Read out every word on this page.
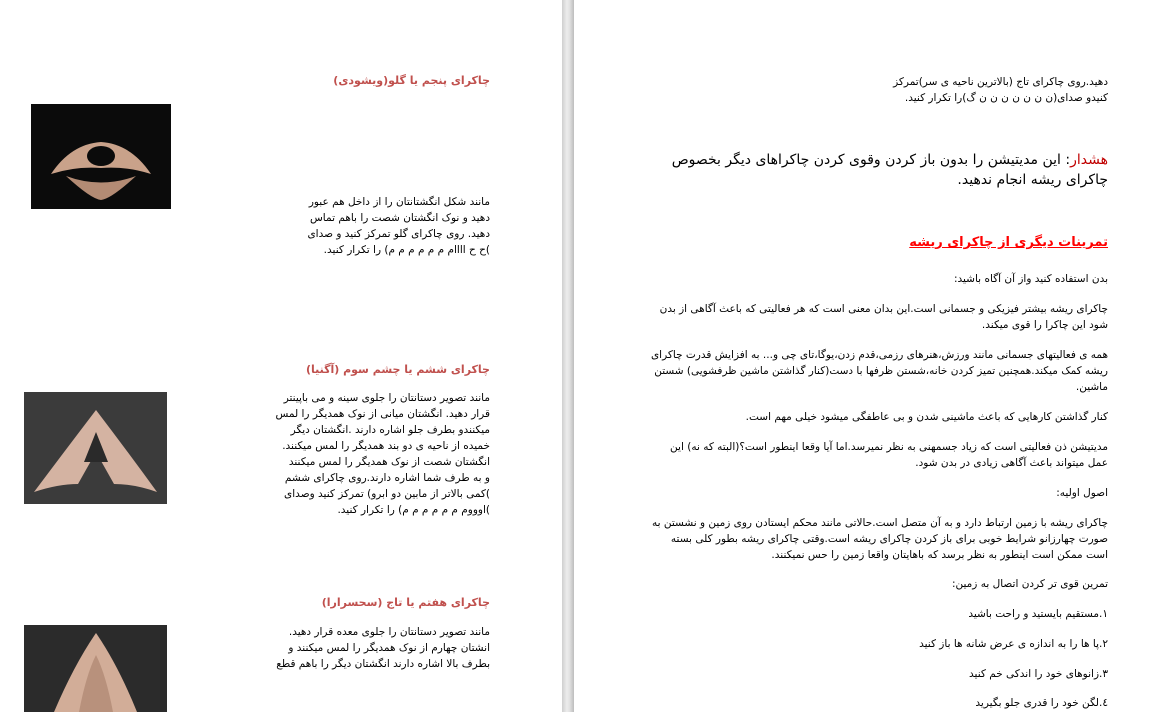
چاکرای پنجم یا گلو(ویشودی)
مانند شکل انگشتانتان را از داخل هم عبور
دهید و نوک انگشتان شصت را باهم تماس
دهید. روی چاکرای گلو تمرکز کنید و صدای
)ح ح اااام م م م م م م) را تکرار کنید.
چاکرای ششم یا چشم سوم (آگنیا)
مانند تصویر دستانتان را جلوی سینه و می باپینتر
قرار دهید. انگشتان میانی از نوک همدیگر را لمس
میکنندو بطرف جلو اشاره دارند .انگشتان دیگر
خمیده از ناحیه ی دو بند همدیگر را لمس میکنند.
انگشتان شصت از نوک همدیگر را لمس میکنند
و به طرف شما اشاره دارند.روی چاکرای ششم
)کمی بالاتر از مابین دو ابرو) تمرکز کنید وصدای
)اوووم م م م م م م) را تکرار کنید.
چاکرای هفتم یا تاج (سحسرارا)
مانند تصویر دستانتان را جلوی معده قرار دهید.
انشتان چهارم از نوک همدیگر را لمس میکنند و
بطرف بالا اشاره دارند انگشتان دیگر را باهم قطع
دهید.روی چاکرای تاج (بالاترین ناحیه ی سر)تمرکز
کنیدو صدای(ن ن ن ن ن ن ن گ)را تکرار کنید.
هشدار: این مدیتیشن را بدون باز کردن وقوی کردن چاکراهای دیگر بخصوص چاکرای ریشه انجام ندهید.
تمرینات دیگری از چاکرای ریشه
بدن استفاده کنید واز آن آگاه باشید:
چاکرای ریشه بیشتر فیزیکی و جسمانی است.این بدان معنی است که هر فعالیتی که باعث آگاهی از بدن شود این چاکرا را قوی میکند.
همه ی فعالیتهای جسمانی مانند ورزش،هنرهای رزمی،قدم زدن،یوگا،تای چی و... به افزایش قدرت چاکرای ریشه کمک میکند.همچنین تمیز کردن خانه،شستن ظرفها با دست(کنار گذاشتن ماشین ظرفشویی) شستن ماشین.
کنار گذاشتن کارهایی که باعث ماشینی شدن و بی عاطفگی میشود خیلی مهم است.
مدیتیشن ذن فعالیتی است که زیاد جسمهنی به نظر نمیرسد.اما آیا وقعا اینطور است؟(البته که نه) این عمل میتواند باعث آگاهی زیادی در بدن شود.
اصول اولیه:
چاکرای ریشه با زمین ارتباط دارد و به آن متصل است.حالاتی مانند محکم ایستادن روی زمین و نشستن به صورت چهارزانو شرایط خوبی برای باز کردن چاکرای ریشه است.وقتی چاکرای ریشه بطور کلی بسته است ممکن است اینطور به نظر برسد که باهایتان واقعا زمین را حس نمیکنند.
تمرین قوی تر کردن اتصال به زمین:
١.مستقیم بایستید و راحت باشید
٢.پا ها را به اندازه ی عرض شانه ها باز کنید
٣.زانوهای خود را اندکی خم کنید
٤.لگن خود را قدری جلو بگیرید
